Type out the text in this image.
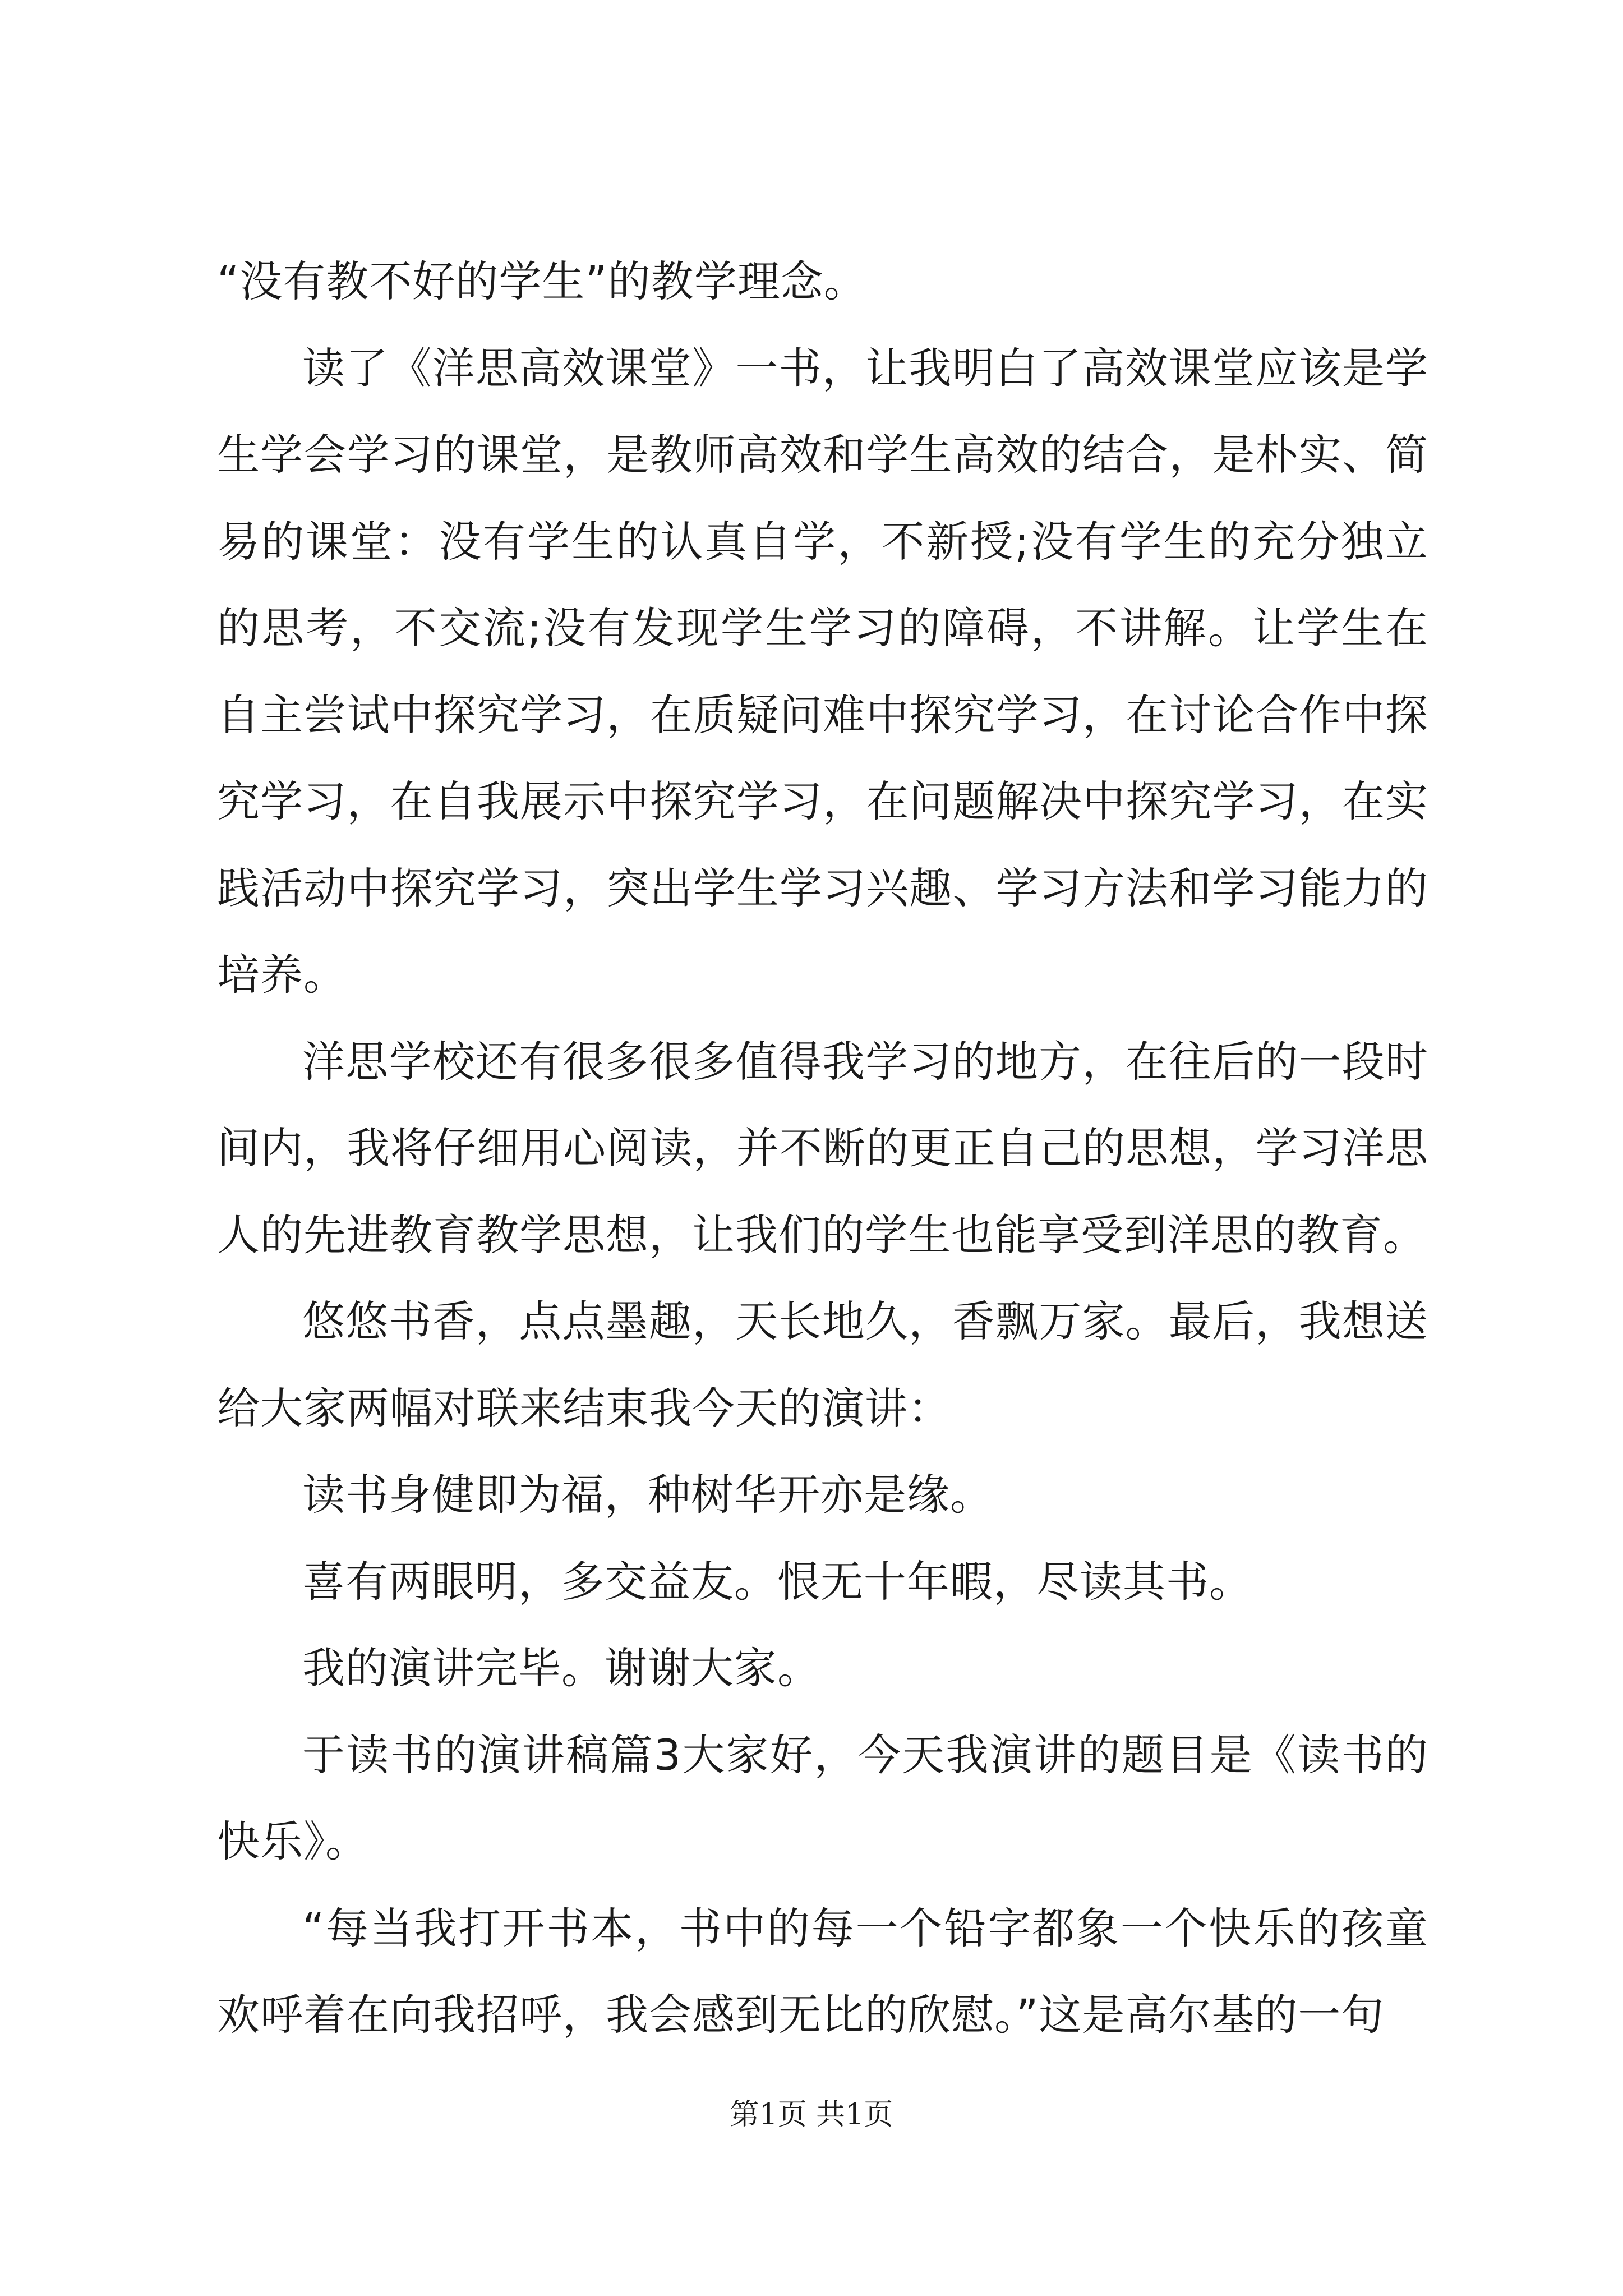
“没有教不好的学生”的教学理念。

读了《洋思高效课堂》一书，让我明白了高效课堂应该是学生学会学习的课堂，是教师高效和学生高效的结合，是朴实、简易的课堂：没有学生的认真自学，不新授;没有学生的充分独立的思考，不交流;没有发现学生学习的障碍，不讲解。让学生在自主尝试中探究学习，在质疑问难中探究学习，在讨论合作中探究学习，在自我展示中探究学习，在问题解决中探究学习，在实践活动中探究学习，突出学生学习兴趣、学习方法和学习能力的培养。

洋思学校还有很多很多值得我学习的地方，在往后的一段时间内，我将仔细用心阅读，并不断的更正自己的思想，学习洋思人的先进教育教学思想，让我们的学生也能享受到洋思的教育。

悠悠书香，点点墨趣，天长地久，香飘万家。最后，我想送给大家两幅对联来结束我今天的演讲：

读书身健即为福，种树华开亦是缘。

喜有两眼明，多交益友。恨无十年暇，尽读其书。

我的演讲完毕。谢谢大家。

于读书的演讲稿篇3大家好，今天我演讲的题目是《读书的快乐》。

“每当我打开书本，书中的每一个铅字都象一个快乐的孩童欢呼着在向我招呼，我会感到无比的欣慰。”这是高尔基的一句

第1页 共1页
